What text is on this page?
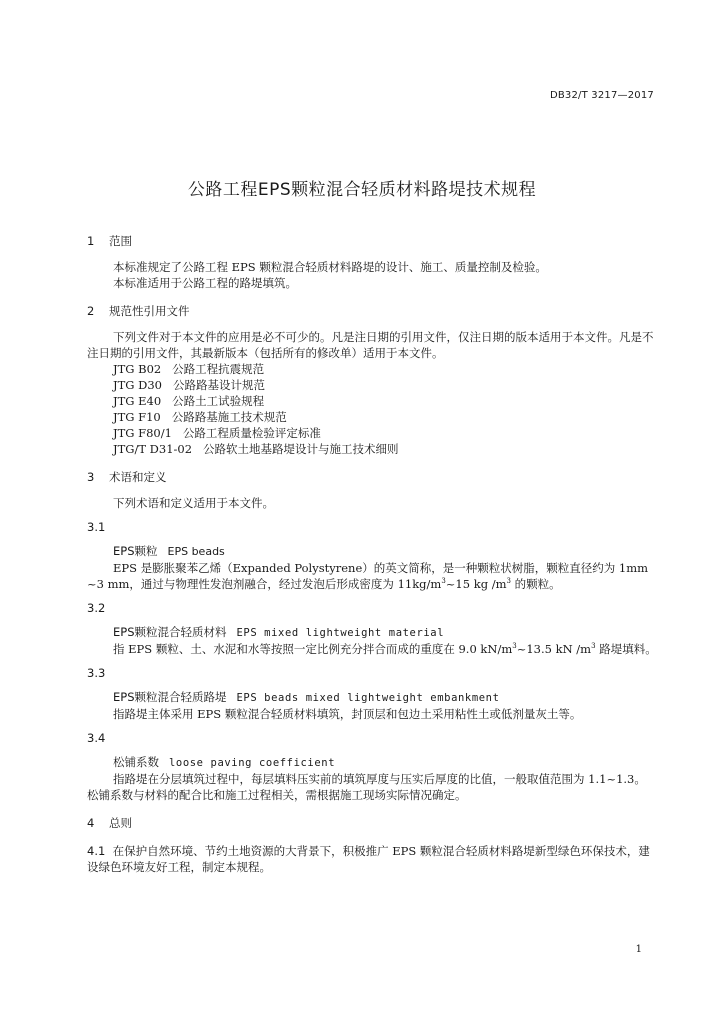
DB32/T 3217—2017
公路工程EPS颗粒混合轻质材料路堤技术规程
1 范围

本标准规定了公路工程 EPS 颗粒混合轻质材料路堤的设计、施工、质量控制及检验。

本标准适用于公路工程的路堤填筑。

2 规范性引用文件

下列文件对于本文件的应用是必不可少的。凡是注日期的引用文件，仅注日期的版本适用于本文件。凡是不注日期的引用文件，其最新版本（包括所有的修改单）适用于本文件。

JTG B02   公路工程抗震规范
JTG D30   公路路基设计规范
JTG E40   公路土工试验规程
JTG F10   公路路基施工技术规范
JTG F80/1   公路工程质量检验评定标准
JTG/T D31-02   公路软土地基路堤设计与施工技术细则
3 术语和定义

下列术语和定义适用于本文件。

3.1
EPS颗粒 EPS beads

EPS 是膨胀聚苯乙烯（Expanded Polystyrene）的英文简称，是一种颗粒状树脂，颗粒直径约为 1mm ~3 mm，通过与物理性发泡剂融合，经过发泡后形成密度为 $11kg/m^3\sim 15$ kg $/m^3$ 的颗粒。

3.2
EPS颗粒混合轻质材料 EPS mixed lightweight material

指 EPS 颗粒、土、水泥和水等按照一定比例充分拌合而成的重度在 9.0 $kN/m^3\sim 13.5$ kN $/m^3$ 路堤填料。

3.3
EPS颗粒混合轻质路堤 EPS beads mixed lightweight embankment

指路堤主体采用 EPS 颗粒混合轻质材料填筑，封顶层和包边土采用粘性土或低剂量灰土等。

3.4
松铺系数 loose paving coefficient

指路堤在分层填筑过程中，每层填料压实前的填筑厚度与压实后厚度的比值，一般取值范围为 1.1~1.3。松铺系数与材料的配合比和施工过程相关，需根据施工现场实际情况确定。

4 总则

4.1 在保护自然环境、节约土地资源的大背景下，积极推广 EPS 颗粒混合轻质材料路堤新型绿色环保技术，建设绿色环境友好工程，制定本规程。

1
